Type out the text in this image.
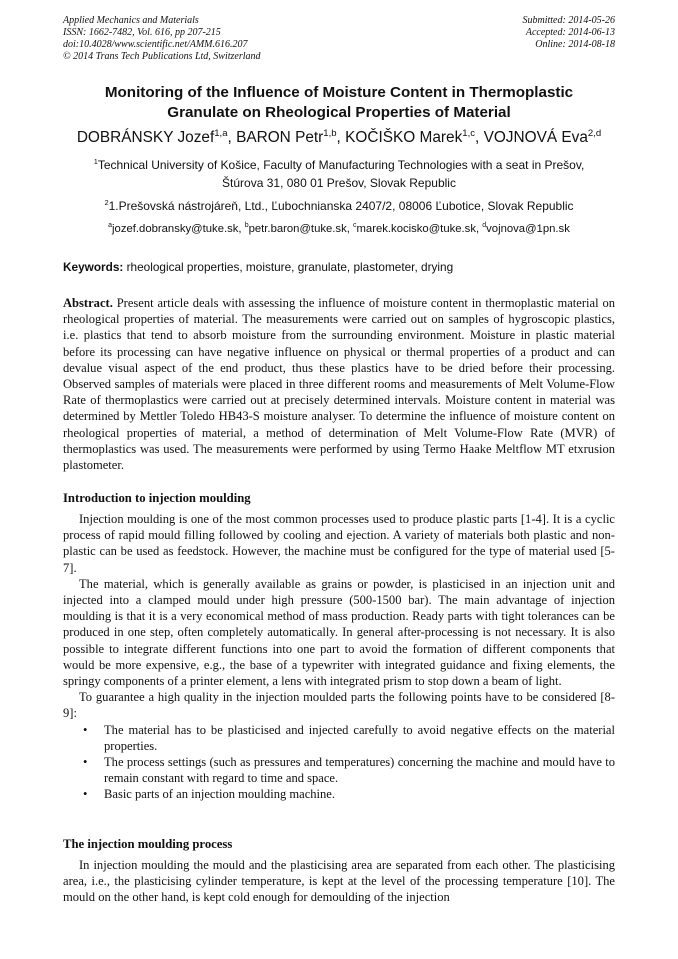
Applied Mechanics and Materials
ISSN: 1662-7482, Vol. 616, pp 207-215
doi:10.4028/www.scientific.net/AMM.616.207
© 2014 Trans Tech Publications Ltd, Switzerland
Submitted: 2014-05-26
Accepted: 2014-06-13
Online: 2014-08-18
Monitoring of the Influence of Moisture Content in Thermoplastic
Granulate on Rheological Properties of Material
DOBRÁNSKY Jozef$^{1,a}$, BARON Petr$^{1,b}$, KOČIŠKO Marek$^{1,c}$, VOJNOVÁ Eva$^{2,d}$
$^1$Technical University of Košice, Faculty of Manufacturing Technologies with a seat in Prešov,
Štúrova 31, 080 01 Prešov, Slovak Republic
$^2$1.Prešovská nástrojáreň, Ltd., Ľubochnianska 2407/2, 08006 Ľubotice, Slovak Republic
$^a$jozef.dobransky@tuke.sk, $^b$petr.baron@tuke.sk, $^c$marek.kocisko@tuke.sk, $^d$vojnova@1pn.sk
Keywords: rheological properties, moisture, granulate, plastometer, drying
Abstract. Present article deals with assessing the influence of moisture content in thermoplastic material on rheological properties of material. The measurements were carried out on samples of hygroscopic plastics, i.e. plastics that tend to absorb moisture from the surrounding environment. Moisture in plastic material before its processing can have negative influence on physical or thermal properties of a product and can devalue visual aspect of the end product, thus these plastics have to be dried before their processing. Observed samples of materials were placed in three different rooms and measurements of Melt Volume-Flow Rate of thermoplastics were carried out at precisely determined intervals. Moisture content in material was determined by Mettler Toledo HB43-S moisture analyser. To determine the influence of moisture content on rheological properties of material, a method of determination of Melt Volume-Flow Rate (MVR) of thermoplastics was used. The measurements were performed by using Termo Haake Meltflow MT etxrusion plastometer.
Introduction to injection moulding

Injection moulding is one of the most common processes used to produce plastic parts [1-4]. It is a cyclic process of rapid mould filling followed by cooling and ejection. A variety of materials both plastic and non-plastic can be used as feedstock. However, the machine must be configured for the type of material used [5-7].

The material, which is generally available as grains or powder, is plasticised in an injection unit and injected into a clamped mould under high pressure (500-1500 bar). The main advantage of injection moulding is that it is a very economical method of mass production. Ready parts with tight tolerances can be produced in one step, often completely automatically. In general after-processing is not necessary. It is also possible to integrate different functions into one part to avoid the formation of different components that would be more expensive, e.g., the base of a typewriter with integrated guidance and fixing elements, the springy components of a printer element, a lens with integrated prism to stop down a beam of light.

To guarantee a high quality in the injection moulded parts the following points have to be considered [8-9]:

• The material has to be plasticised and injected carefully to avoid negative effects on the material properties.
• The process settings (such as pressures and temperatures) concerning the machine and mould have to remain constant with regard to time and space.
• Basic parts of an injection moulding machine.
The injection moulding process

In injection moulding the mould and the plasticising area are separated from each other. The plasticising area, i.e., the plasticising cylinder temperature, is kept at the level of the processing temperature [10]. The mould on the other hand, is kept cold enough for demoulding of the injection
